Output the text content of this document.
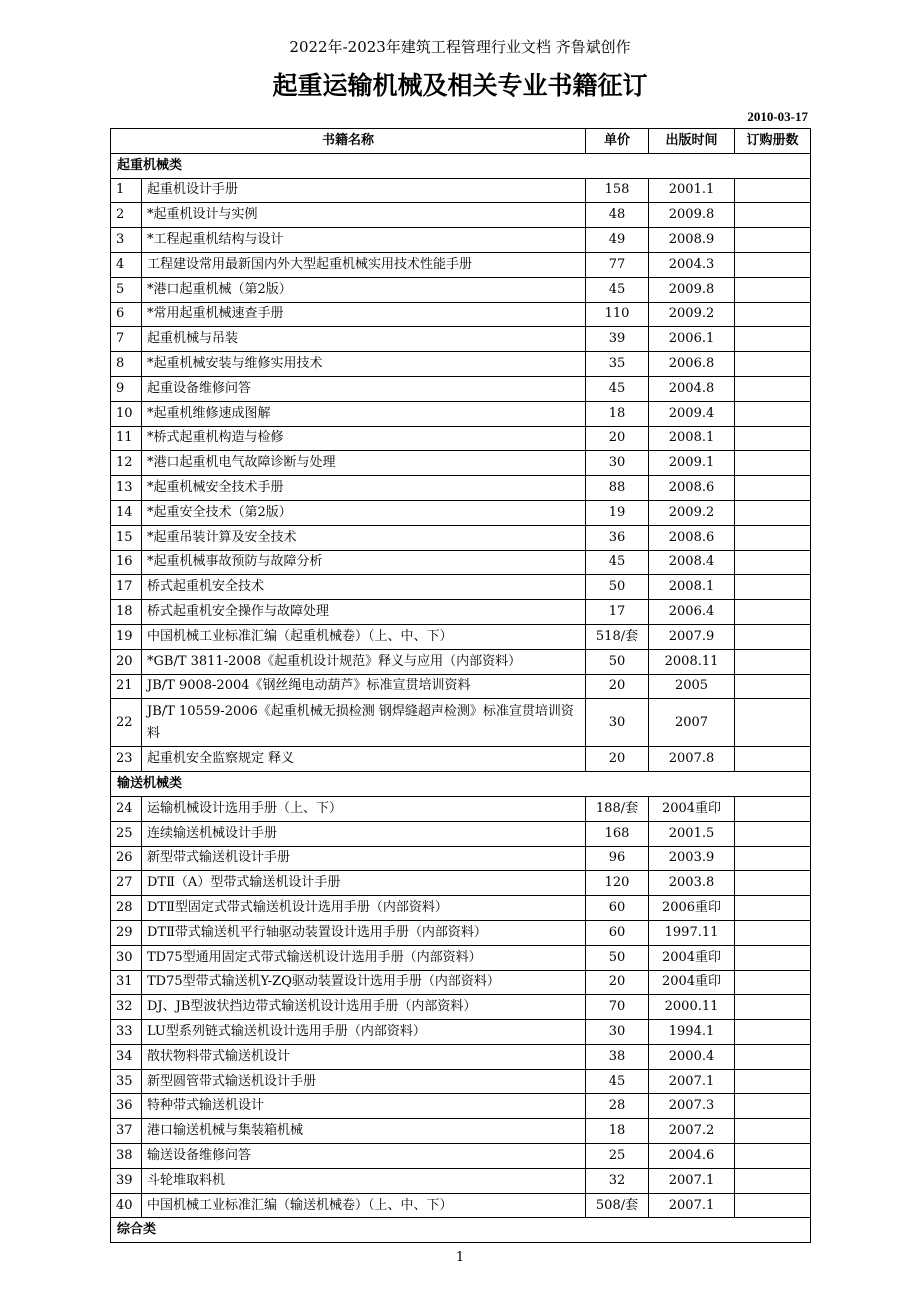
2022年-2023年建筑工程管理行业文档 齐鲁斌创作
起重运输机械及相关专业书籍征订
2010-03-17
书籍名称		单价	出版时间	订购册数
起重机械类				
1	起重机设计手册	158	2001.1	
2	*起重机设计与实例	48	2009.8	
3	*工程起重机结构与设计	49	2008.9	
4	工程建设常用最新国内外大型起重机械实用技术性能手册	77	2004.3	
5	*港口起重机械（第2版）	45	2009.8	
6	*常用起重机械速查手册	110	2009.2	
7	起重机械与吊装	39	2006.1	
8	*起重机械安装与维修实用技术	35	2006.8	
9	起重设备维修问答	45	2004.8	
10	*起重机维修速成图解	18	2009.4	
11	*桥式起重机构造与检修	20	2008.1	
12	*港口起重机电气故障诊断与处理	30	2009.1	
13	*起重机械安全技术手册	88	2008.6	
14	*起重安全技术（第2版）	19	2009.2	
15	*起重吊装计算及安全技术	36	2008.6	
16	*起重机械事故预防与故障分析	45	2008.4	
17	桥式起重机安全技术	50	2008.1	
18	桥式起重机安全操作与故障处理	17	2006.4	
19	中国机械工业标准汇编（起重机械卷）（上、中、下）	518/套	2007.9	
20	*GB/T 3811-2008《起重机设计规范》释义与应用（内部资料）	50	2008.11	
21	JB/T 9008-2004《钢丝绳电动葫芦》标准宣贯培训资料	20	2005	
22	JB/T 10559-2006《起重机械无损检测 钢焊缝超声检测》标准宣贯培训资料	30	2007	
23	起重机安全监察规定 释义	20	2007.8	
输送机械类				
24	运输机械设计选用手册（上、下）	188/套	2004重印	
25	连续输送机械设计手册	168	2001.5	
26	新型带式输送机设计手册	96	2003.9	
27	DTⅡ（A）型带式输送机设计手册	120	2003.8	
28	DTⅡ型固定式带式输送机设计选用手册（内部资料）	60	2006重印	
29	DTⅡ带式输送机平行轴驱动装置设计选用手册（内部资料）	60	1997.11	
30	TD75型通用固定式带式输送机设计选用手册（内部资料）	50	2004重印	
31	TD75型带式输送机Y-ZQ驱动装置设计选用手册（内部资料）	20	2004重印	
32	DJ、JB型波状挡边带式输送机设计选用手册（内部资料）	70	2000.11	
33	LU型系列链式输送机设计选用手册（内部资料）	30	1994.1	
34	散状物料带式输送机设计	38	2000.4	
35	新型圆管带式输送机设计手册	45	2007.1	
36	特种带式输送机设计	28	2007.3	
37	港口输送机械与集装箱机械	18	2007.2	
38	输送设备维修问答	25	2004.6	
39	斗轮堆取料机	32	2007.1	
40	中国机械工业标准汇编（输送机械卷）（上、中、下）	508/套	2007.1	
综合类				
1
